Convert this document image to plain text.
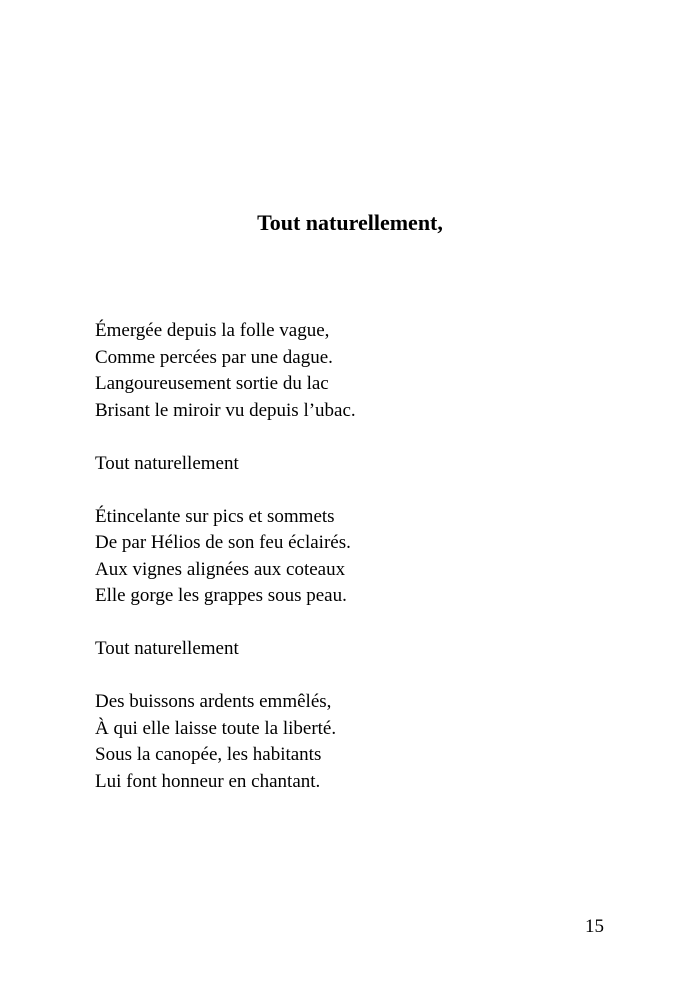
Tout naturellement,
Émergée depuis la folle vague,
Comme percées par une dague.
Langoureusement sortie du lac
Brisant le miroir vu depuis l’ubac.
Tout naturellement
Étincelante sur pics et sommets
De par Hélios de son feu éclairés.
Aux vignes alignées aux coteaux
Elle gorge les grappes sous peau.
Tout naturellement
Des buissons ardents emmêlés,
À qui elle laisse toute la liberté.
Sous la canopée, les habitants
Lui font honneur en chantant.
15
